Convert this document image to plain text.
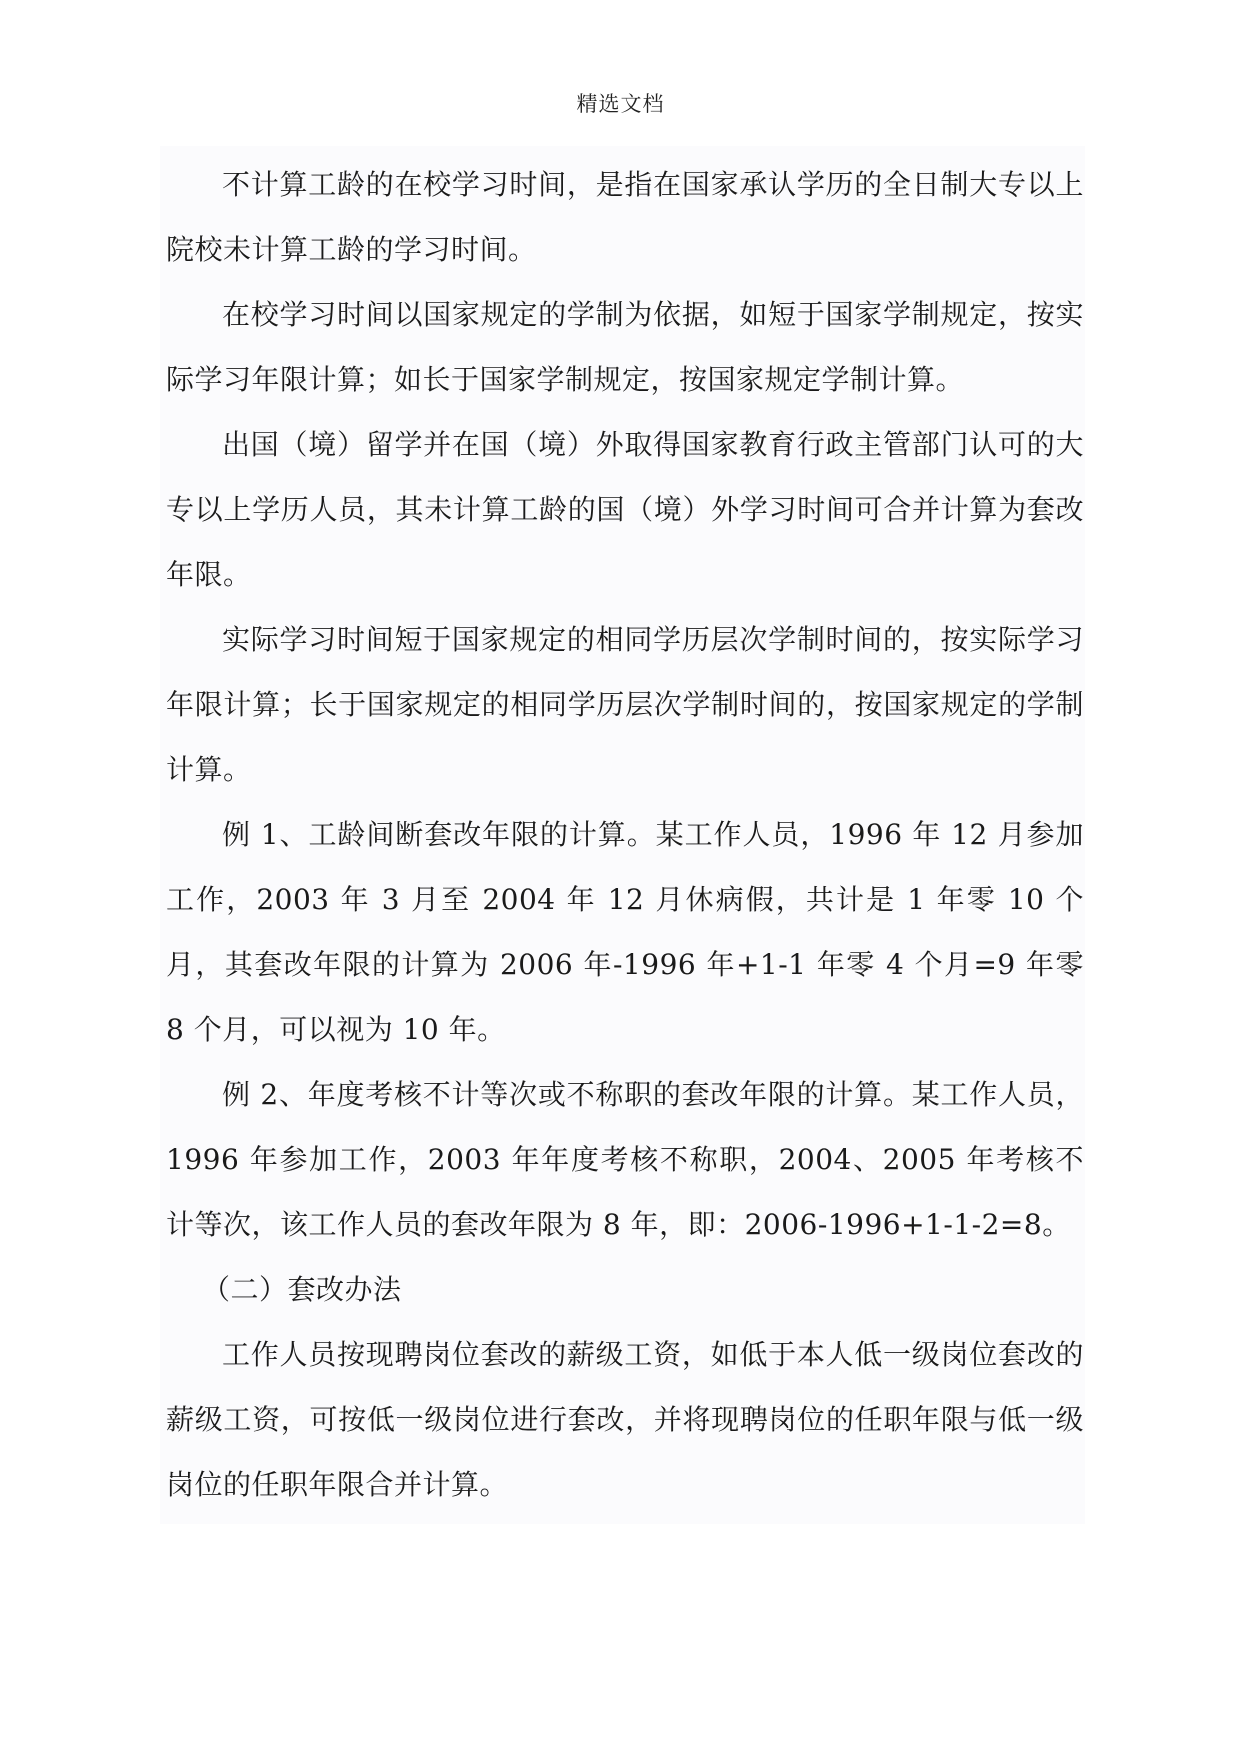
精选文档

不计算工龄的在校学习时间，是指在国家承认学历的全日制大专以上院校未计算工龄的学习时间。

在校学习时间以国家规定的学制为依据，如短于国家学制规定，按实际学习年限计算；如长于国家学制规定，按国家规定学制计算。

出国（境）留学并在国（境）外取得国家教育行政主管部门认可的大专以上学历人员，其未计算工龄的国（境）外学习时间可合并计算为套改年限。

实际学习时间短于国家规定的相同学历层次学制时间的，按实际学习年限计算；长于国家规定的相同学历层次学制时间的，按国家规定的学制计算。

例 1、工龄间断套改年限的计算。某工作人员，1996 年 12 月参加工作，2003 年 3 月至 2004 年 12 月休病假，共计是 1 年零 10 个月，其套改年限的计算为 2006 年-1996 年+1-1 年零 4 个月=9 年零 8 个月，可以视为 10 年。

例 2、年度考核不计等次或不称职的套改年限的计算。某工作人员，1996 年参加工作，2003 年年度考核不称职，2004、2005 年考核不计等次，该工作人员的套改年限为 8 年，即：2006-1996+1-1-2=8。

（二）套改办法

工作人员按现聘岗位套改的薪级工资，如低于本人低一级岗位套改的薪级工资，可按低一级岗位进行套改，并将现聘岗位的任职年限与低一级岗位的任职年限合并计算。
